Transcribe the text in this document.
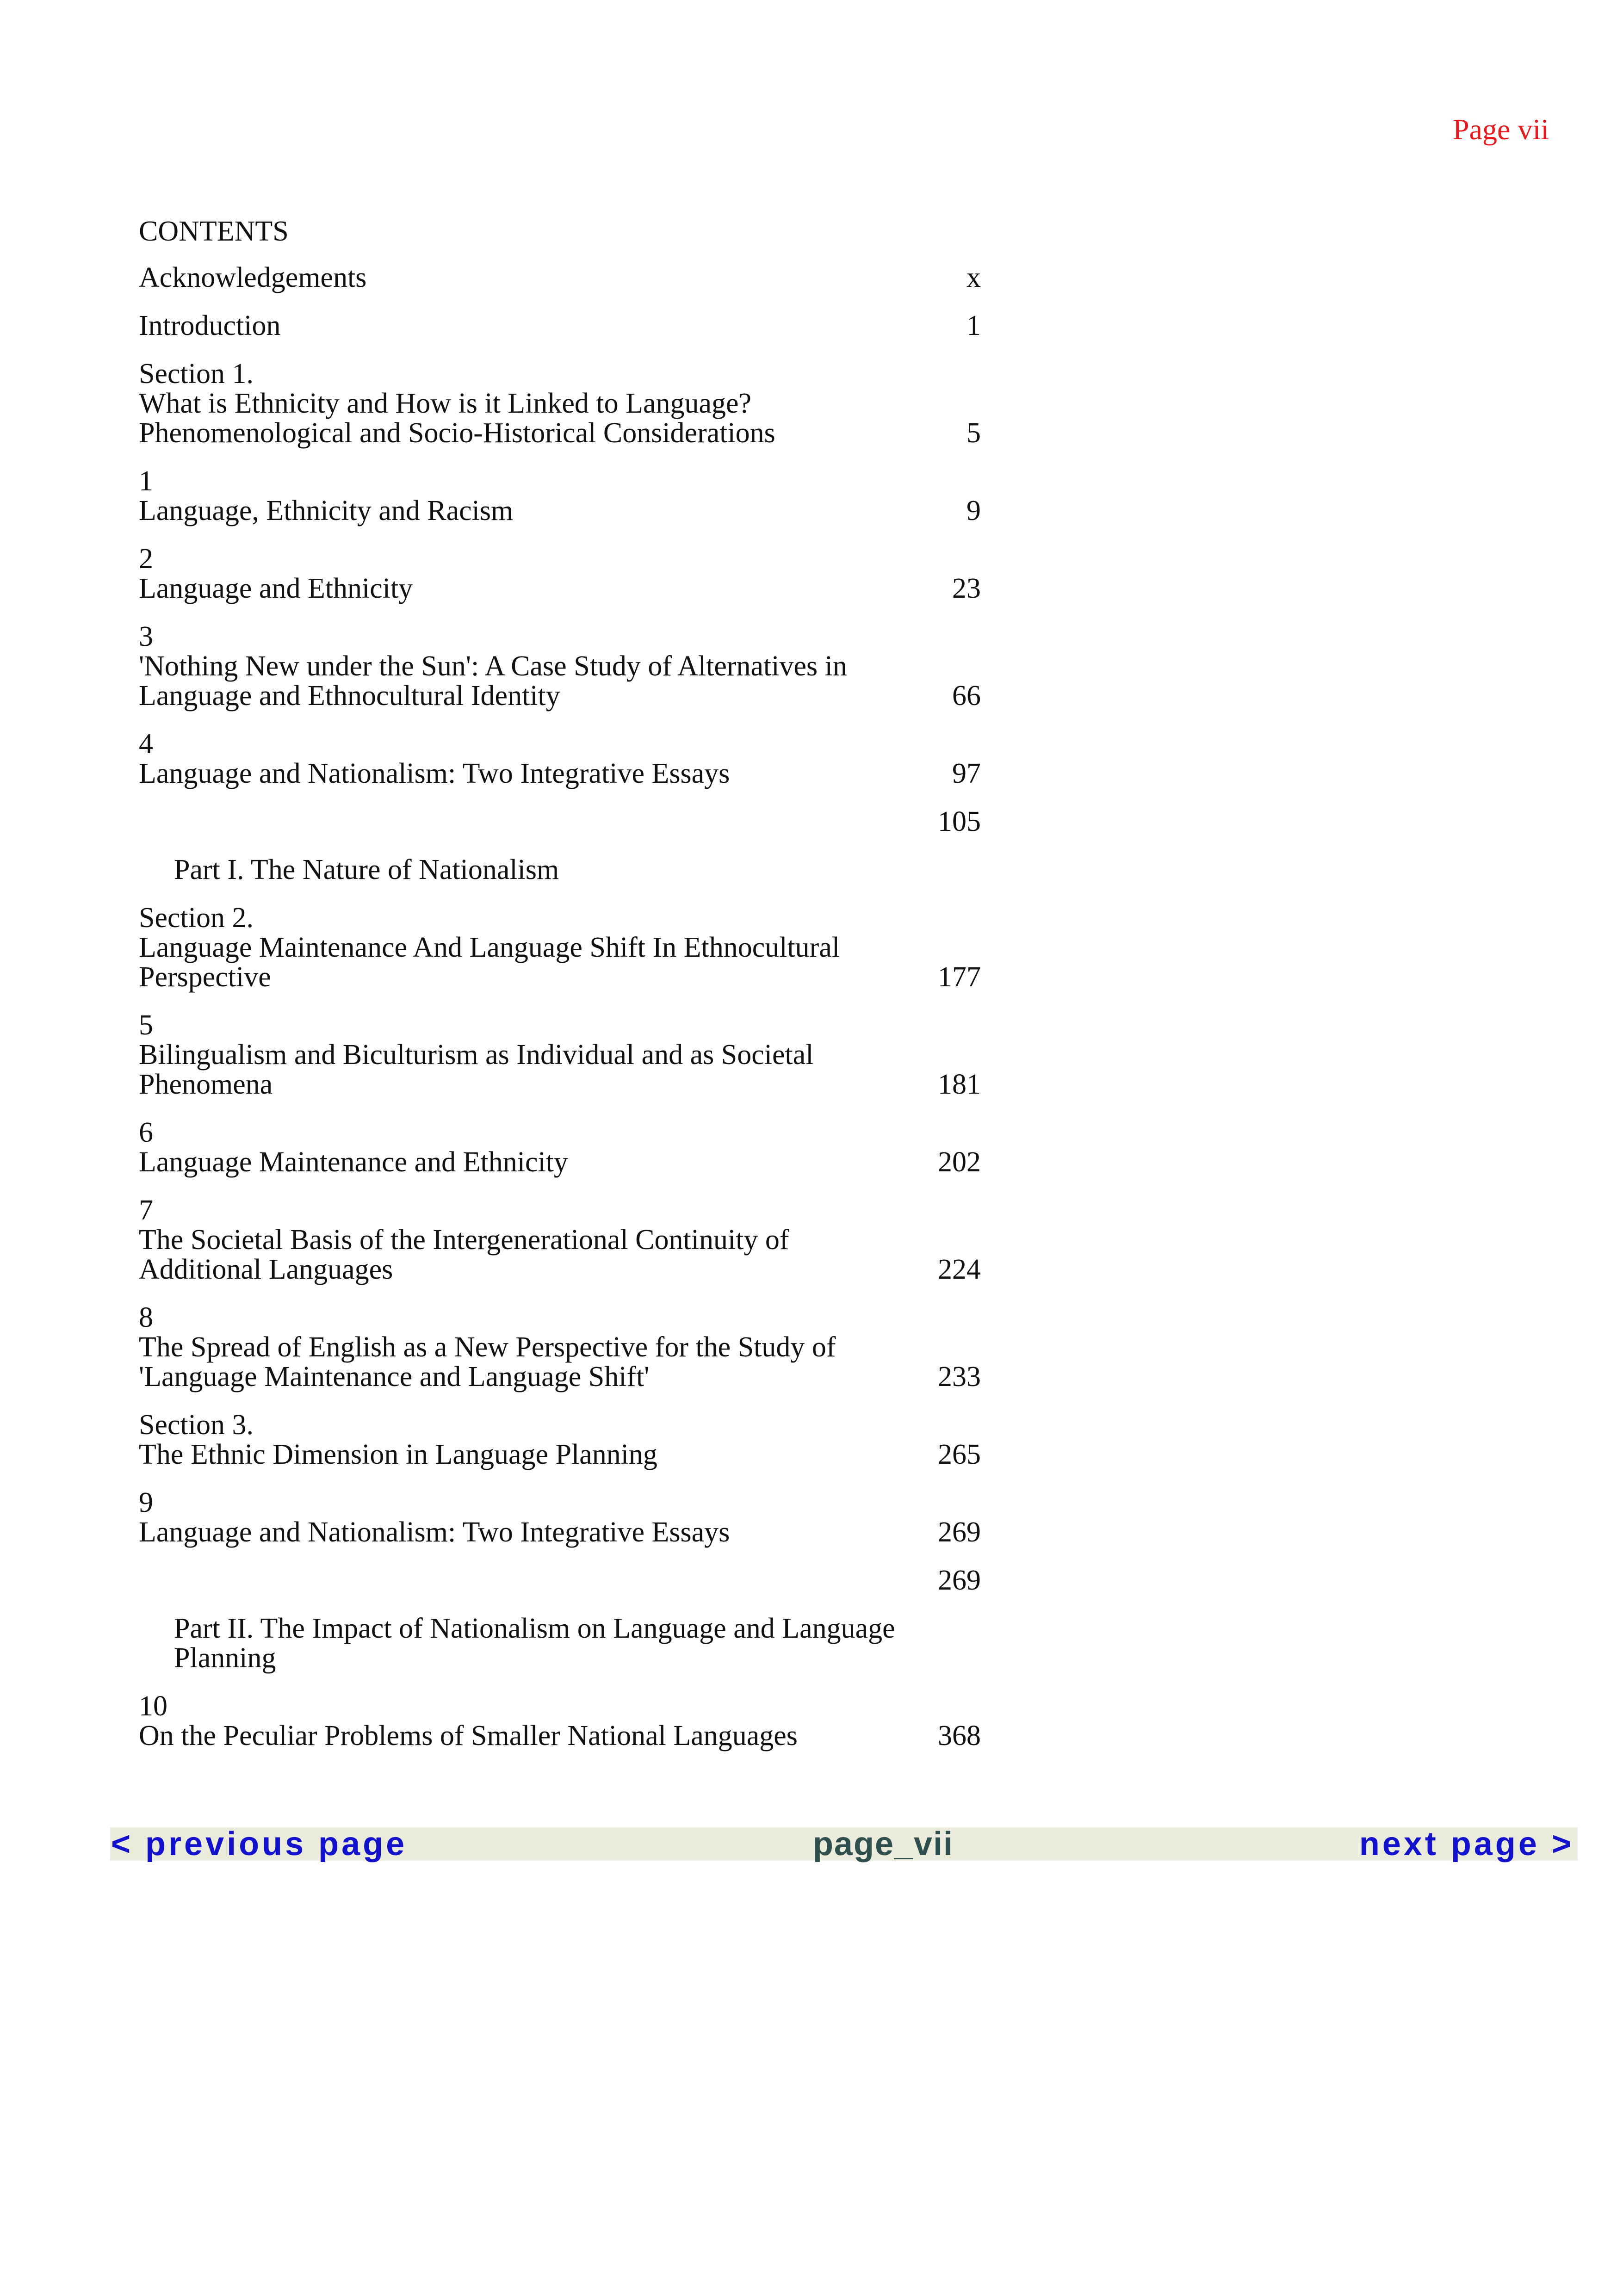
Page vii
CONTENTS
Acknowledgements	x
Introduction	1
Section 1.
What is Ethnicity and How is it Linked to Language?
Phenomenological and Socio-Historical Considerations	5
1
Language, Ethnicity and Racism	9
2
Language and Ethnicity	23
3
'Nothing New under the Sun': A Case Study of Alternatives in
Language and Ethnocultural Identity	66
4
Language and Nationalism: Two Integrative Essays	97
105
Part I. The Nature of Nationalism
Section 2.
Language Maintenance And Language Shift In Ethnocultural
Perspective	177
5
Bilingualism and Biculturism as Individual and as Societal
Phenomena	181
6
Language Maintenance and Ethnicity	202
7
The Societal Basis of the Intergenerational Continuity of
Additional Languages	224
8
The Spread of English as a New Perspective for the Study of
'Language Maintenance and Language Shift'	233
Section 3.
The Ethnic Dimension in Language Planning	265
9
Language and Nationalism: Two Integrative Essays	269
269
Part II. The Impact of Nationalism on Language and Language
Planning
10
On the Peculiar Problems of Smaller National Languages	368
< previous page	page_vii	next page >
